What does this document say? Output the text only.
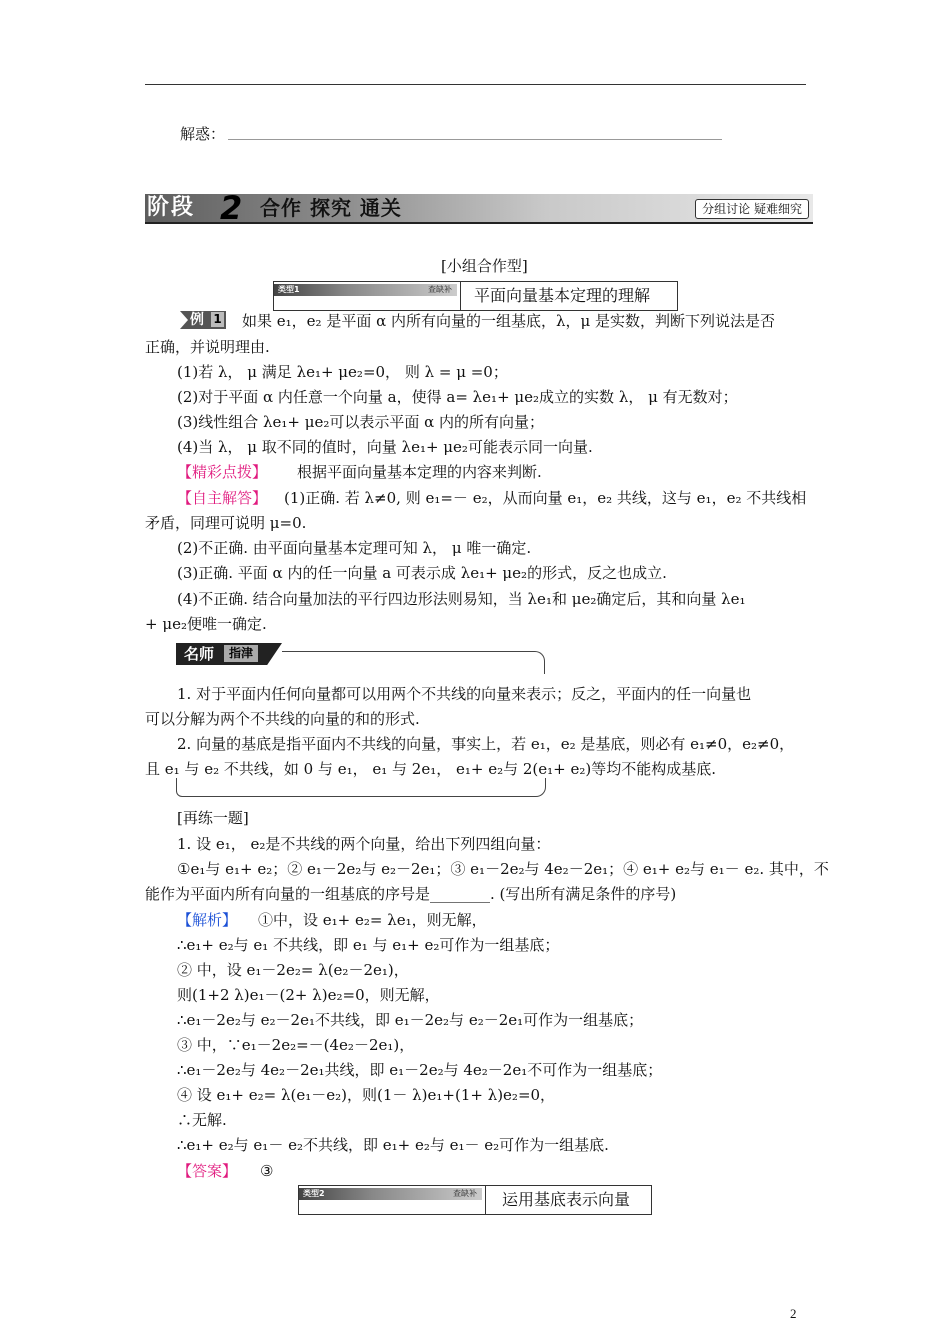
解惑：
阶段 2 合作 探究 通关	分组讨论 疑难细究
[小组合作型]
类型1	查缺补 平面向量基本定理的理解
例 1 如果 e₁，e₂ 是平面 α 内所有向量的一组基底，λ，μ 是实数，判断下列说法是否
正确，并说明理由.
(1)若 λ， μ 满足 λe₁+ μe₂=0， 则 λ = μ =0；
(2)对于平面 α 内任意一个向量 a，使得 a= λe₁+ μe₂成立的实数 λ， μ 有无数对；
(3)线性组合 λe₁+ μe₂可以表示平面 α 内的所有向量；
(4)当 λ， μ 取不同的值时，向量 λe₁+ μe₂可能表示同一向量.
【精彩点拨】 根据平面向量基本定理的内容来判断.
【自主解答】 (1)正确. 若 λ≠0, 则 e₁=－ e₂，从而向量 e₁，e₂ 共线，这与 e₁，e₂ 不共线相
矛盾，同理可说明 μ=0.
(2)不正确. 由平面向量基本定理可知 λ， μ 唯一确定.
(3)正确. 平面 α 内的任一向量 a 可表示成 λe₁+ μe₂的形式，反之也成立.
(4)不正确. 结合向量加法的平行四边形法则易知，当 λe₁和 μe₂确定后，其和向量 λe₁
+ μe₂便唯一确定.
名师	指津
1. 对于平面内任何向量都可以用两个不共线的向量来表示；反之，平面内的任一向量也
可以分解为两个不共线的向量的和的形式.
2. 向量的基底是指平面内不共线的向量，事实上，若 e₁，e₂ 是基底，则必有 e₁≠0，e₂≠0，
且 e₁ 与 e₂ 不共线，如 0 与 e₁， e₁ 与 2e₁， e₁+ e₂与 2(e₁+ e₂)等均不能构成基底.
[再练一题]
1. 设 e₁， e₂是不共线的两个向量，给出下列四组向量：
①e₁与 e₁+ e₂；② e₁－2e₂与 e₂－2e₁；③ e₁－2e₂与 4e₂－2e₁；④ e₁+ e₂与 e₁－ e₂. 其中，不
能作为平面内所有向量的一组基底的序号是________. (写出所有满足条件的序号)
【解析】 ①中，设 e₁+ e₂= λe₁，则无解，
∴e₁+ e₂与 e₁ 不共线，即 e₁ 与 e₁+ e₂可作为一组基底；
② 中，设 e₁－2e₂= λ(e₂－2e₁)，
则(1+2 λ)e₁－(2+ λ)e₂=0，则无解，
∴e₁－2e₂与 e₂－2e₁不共线，即 e₁－2e₂与 e₂－2e₁可作为一组基底；
③ 中，∵e₁－2e₂=－(4e₂－2e₁)，
∴e₁－2e₂与 4e₂－2e₁共线，即 e₁－2e₂与 4e₂－2e₁不可作为一组基底；
④ 设 e₁+ e₂= λ(e₁－e₂)，则(1－ λ)e₁+(1+ λ)e₂=0，
∴无解.
∴e₁+ e₂与 e₁－ e₂不共线，即 e₁+ e₂与 e₁－ e₂可作为一组基底.
【答案】 ③
类型2	查缺补 运用基底表示向量
2
